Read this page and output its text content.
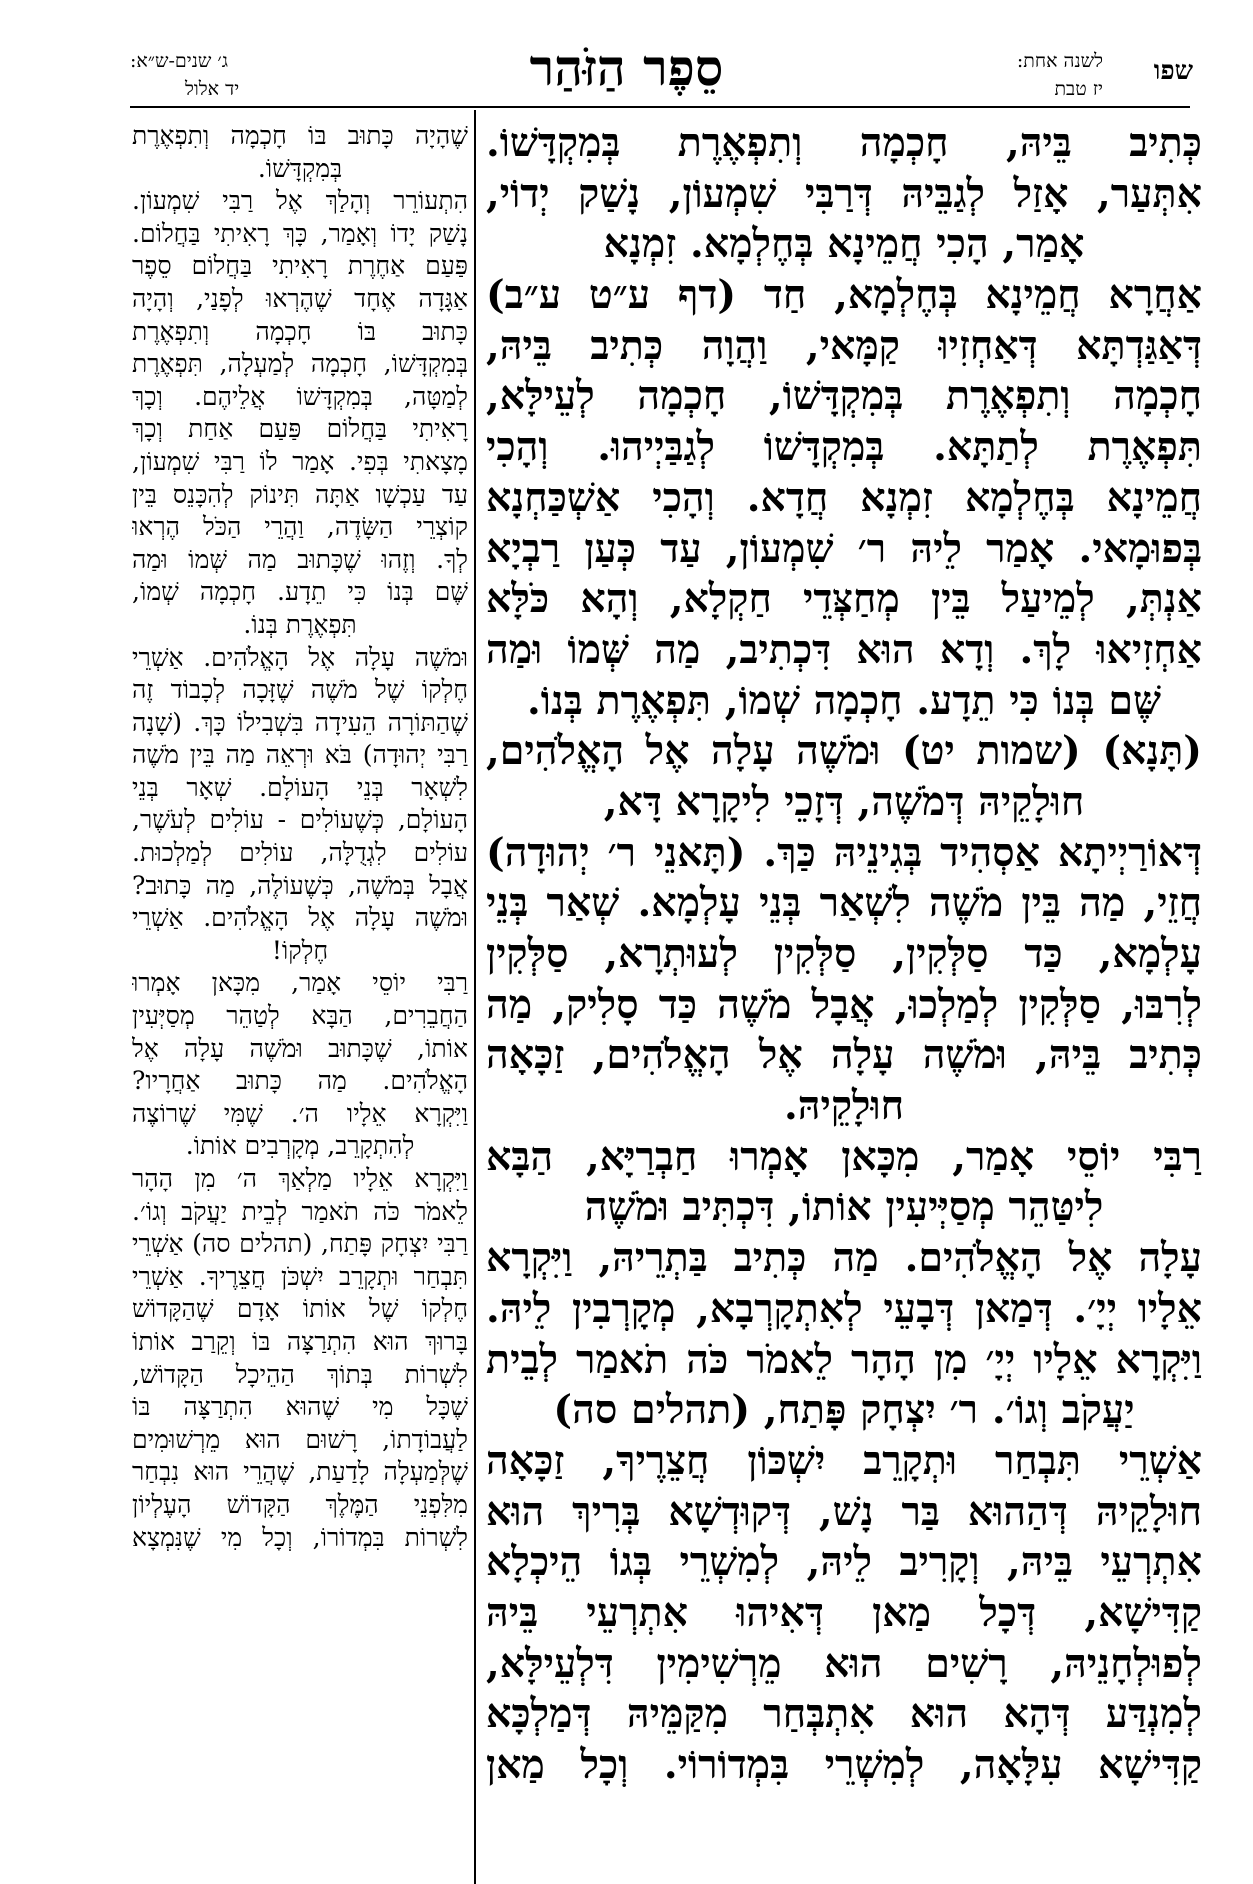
שפו
לשנה אחת:
יז טבת
סֵפֶר הַזֹּהַר
ג׳ שנים-ש״א:
יד אלול
כְּתִיב בֵּיהּ, חָכְמָה וְתִפְאֶרֶת בְּמִקְדָּשׁוֹ.
אִתְּעַר, אָזַל לְגַבֵּיהּ דְּרַבִּי שִׁמְעוֹן, נָשַׁק יְדוֹי,
אָמַר, הָכִי חֲמֵינָא בְּחֶלְמָא. זִמְנָא
אַחֲרָא חֲמֵינָא בְּחֶלְמָא, חַד (דף ע״ט ע״ב)
דְּאַגַּדְתָּא דְּאַחְזִיוּ קַמָּאי, וַהֲוָה כְּתִיב בֵּיהּ,
חָכְמָה וְתִפְאֶרֶת בְּמִקְדָּשׁוֹ, חָכְמָה לְעֵילָּא,
תִּפְאֶרֶת לְתַתָּא. בְּמִקְדָּשׁוֹ לְגַבַּיְיהוּ. וְהָכִי
חֲמֵינָא בְּחֶלְמָא זִמְנָא חֲדָא. וְהָכִי אַשְׁכַּחְנָא
בְּפוּמָאי. אָמַר לֵיהּ ר׳ שִׁמְעוֹן, עַד כְּעַן רַבְיָא
אַנְתְּ, לְמֵיעַל בֵּין מְחַצְּדֵי חַקְלָא, וְהָא כֹּלָּא
אַחְזִיאוּ לָךְ. וְדָא הוּא דִּכְתִיב, מַה שְּׁמוֹ וּמַה
שֶּׁם בְּנוֹ כִּי תֵדָע. חָכְמָה שְׁמוֹ, תִּפְאֶרֶת בְּנוֹ.
(תָּנָא) (שמות יט) וּמֹשֶׁה עָלָה אֶל הָאֱלֹהִים,
חוּלָקֵיהּ דְּמֹשֶׁה, דְּזָכֵי לִיקָרָא דָּא,
דְּאוֹרַיְיתָא אַסְהִיד בְּגִינֵיהּ כַּךְ. (תָּאנֵי ר׳ יְהוּדָה)
חֲזֵי, מַה בֵּין מֹשֶׁה לִשְׁאַר בְּנֵי עָלְמָא. שְׁאַר בְּנֵי
עָלְמָא, כַּד סַלְּקִין, סַלְּקִין לְעוּתְרָא, סַלְּקִין
לְרִבּוּ, סַלְּקִין לְמַלְכוּ, אֲבָל מֹשֶׁה כַּד סָלִיק, מַה
כְּתִיב בֵּיהּ, וּמֹשֶׁה עָלָה אֶל הָאֱלֹהִים, זַכָּאָה
חוּלָקֵיהּ.
רַבִּי יוֹסֵי אָמַר, מִכָּאן אָמְרוּ חַבְרַיָּא, הַבָּא
לִיטַּהֵר מְסַיְּיעִין אוֹתוֹ, דִּכְתִּיב וּמֹשֶׁה
עָלָה אֶל הָאֱלֹהִים. מַה כְּתִיב בַּתְרֵיהּ, וַיִּקְרָא
אֵלָיו יְיָ׳. דְּמַאן דְּבָעֵי לְאִתְקָרְבָא, מְקָרְבִין לֵיהּ.
וַיִּקְרָא אֵלָיו יְיָ׳ מִן הָהָר לֵאמֹר כֹּה תֹאמַר לְבֵית
יַעֲקֹב וְגוֹ׳. ר׳ יִצְחָק פָּתַח, (תהלים סה)
אַשְׁרֵי תִּבְחַר וּתְקָרֵב יִשְׁכּוֹן חֲצֵרֶיךָ, זַכָּאָה
חוּלָקֵיהּ דְּהַהוּא בַּר נָשׁ, דְּקוּדְשָׁא בְּרִיךְ הוּא
אִתְרְעֵי בֵּיהּ, וְקָרִיב לֵיהּ, לְמִשְׁרֵי בְּגוֹ הֵיכְלָא
קַדִּישָׁא, דְּכָל מַאן דְּאִיהוּ אִתְרְעֵי בֵּיהּ
לְפוּלְחָנֵיהּ, רָשִׁים הוּא מֵרְשִׁימִין דִּלְעֵילָּא,
לְמִנְדַּע דְּהָא הוּא אִתְבְּחַר מִקַּמֵּיהּ דְּמַלְכָּא
קַדִּישָׁא עִלָּאָה, לְמִשְׁרֵי בִּמְדוֹרוֹי. וְכָל מַאן
שֶׁהָיָה כָּתוּב בּוֹ חָכְמָה וְתִפְאֶרֶת
בְּמִקְדָּשׁוֹ.
הִתְעוֹרֵר וְהָלַךְ אֶל רַבִּי שִׁמְעוֹן.
נָשַׁק יָדוֹ וְאָמַר, כָּךְ רָאִיתִי בַּחֲלוֹם.
פַּעַם אַחֶרֶת רָאִיתִי בַּחֲלוֹם סֵפֶר
אַגָּדָה אֶחָד שֶׁהֶרְאוּ לְפָנַי, וְהָיָה
כָּתוּב בּוֹ חָכְמָה וְתִפְאֶרֶת
בְּמִקְדָּשׁוֹ, חָכְמָה לְמַעְלָה, תִּפְאֶרֶת
לְמַטָּה, בְּמִקְדָּשׁוֹ אֲלֵיהֶם. וְכָךְ
רָאִיתִי בַּחֲלוֹם פַּעַם אַחַת וְכָךְ
מָצָאתִי בְּפִי. אָמַר לוֹ רַבִּי שִׁמְעוֹן,
עַד עַכְשָׁו אַתָּה תִּינוֹק לְהִכָּנֵס בֵּין
קוֹצְרֵי הַשָּׂדֶה, וַהֲרֵי הַכֹּל הֶרְאוּ
לְךָ. וְזֶהוּ שֶׁכָּתוּב מַה שְּׁמוֹ וּמַה
שֶּׁם בְּנוֹ כִּי תֵדָע. חָכְמָה שְׁמוֹ,
תִּפְאֶרֶת בְּנוֹ.
וּמֹשֶׁה עָלָה אֶל הָאֱלֹהִים. אַשְׁרֵי
חֶלְקוֹ שֶׁל מֹשֶׁה שֶׁזָּכָה לְכָבוֹד זֶה
שֶׁהַתּוֹרָה הֵעִידָה בִּשְׁבִילוֹ כָּךְ. (שָׁנָה
רַבִּי יְהוּדָה) בֹּא וּרְאֵה מַה בֵּין מֹשֶׁה
לִשְׁאָר בְּנֵי הָעוֹלָם. שְׁאָר בְּנֵי
הָעוֹלָם, כְּשֶׁעוֹלִים - עוֹלִים לְעֹשֶׁר,
עוֹלִים לִגְדֻלָּה, עוֹלִים לְמַלְכוּת.
אֲבָל בְּמֹשֶׁה, כְּשֶׁעוֹלֶה, מַה כָּתוּב?
וּמֹשֶׁה עָלָה אֶל הָאֱלֹהִים. אַשְׁרֵי
חֶלְקוֹ!
רַבִּי יוֹסֵי אָמַר, מִכָּאן אָמְרוּ
הַחֲבֵרִים, הַבָּא לְטַהֵר מְסַיְּעִין
אוֹתוֹ, שֶׁכָּתוּב וּמֹשֶׁה עָלָה אֶל
הָאֱלֹהִים. מַה כָּתוּב אַחֲרָיו?
וַיִּקְרָא אֵלָיו ה׳. שֶׁמִּי שֶׁרוֹצֶה
לְהִתְקָרֵב, מְקָרְבִים אוֹתוֹ.
וַיִּקְרָא אֵלָיו מַלְאַךְ ה׳ מִן הָהָר
לֵאמֹר כֹּה תֹאמַר לְבֵית יַעֲקֹב וְגוֹ׳.
רַבִּי יִצְחָק פָּתַח, (תהלים סה) אַשְׁרֵי
תִּבְחַר וּתְקָרֵב יִשְׁכֹּן חֲצֵרֶיךָ. אַשְׁרֵי
חֶלְקוֹ שֶׁל אוֹתוֹ אָדָם שֶׁהַקָּדוֹשׁ
בָּרוּךְ הוּא הִתְרַצָּה בּוֹ וְקֵרַב אוֹתוֹ
לִשְׁרוֹת בְּתוֹךְ הַהֵיכָל הַקָּדוֹשׁ,
שֶׁכָּל מִי שֶׁהוּא הִתְרַצָּה בּוֹ
לַעֲבוֹדָתוֹ, רָשׁוּם הוּא מֵרְשׁוּמִים
שֶׁלְּמַעְלָה לָדַעַת, שֶׁהֲרֵי הוּא נִבְחַר
מִלִּפְנֵי הַמֶּלֶךְ הַקָּדוֹשׁ הָעֶלְיוֹן
לִשְׁרוֹת בִּמְדוֹרוֹ, וְכָל מִי שֶׁנִּמְצָא
